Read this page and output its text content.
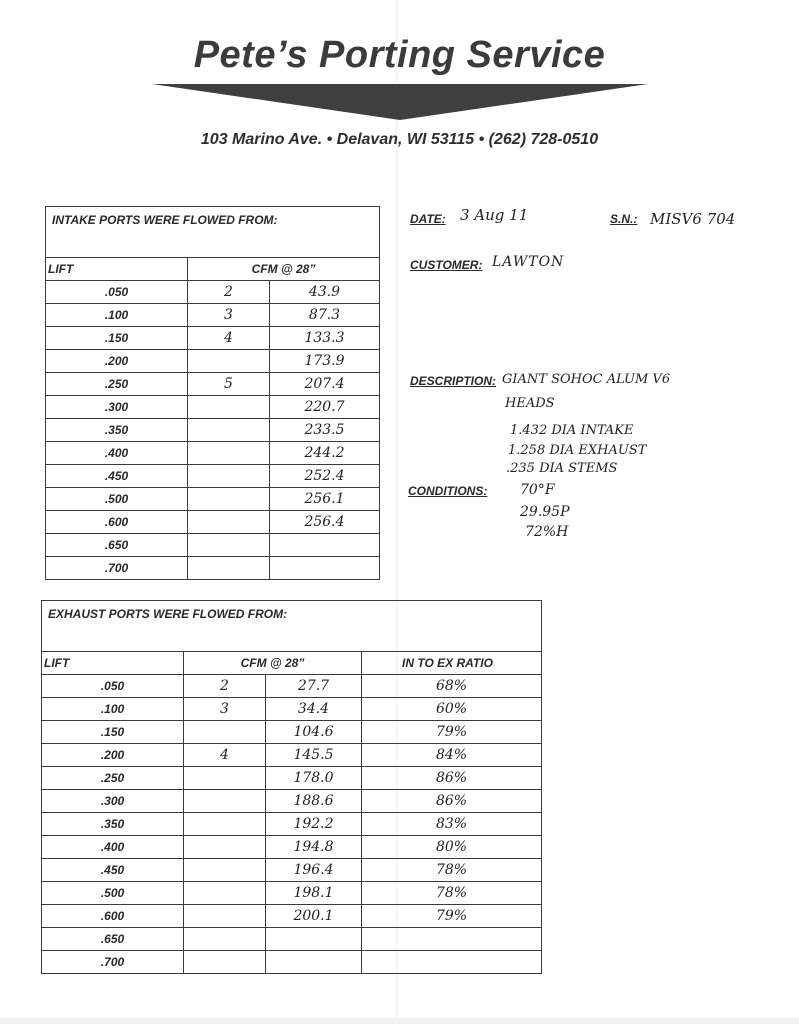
Pete’s Porting Service
103 Marino Ave. • Delavan, WI 53115 • (262) 728-0510
INTAKE PORTS WERE FLOWED FROM:		
LIFT	CFM @ 28”	
.050	2	43.9
.100	3	87.3
.150	4	133.3
.200		173.9
.250	5	207.4
.300		220.7
.350		233.5
.400		244.2
.450		252.4
.500		256.1
.600		256.4
.650		
.700		
EXHAUST PORTS WERE FLOWED FROM:			
LIFT	CFM @ 28”		IN TO EX RATIO
.050	2	27.7	68%
.100	3	34.4	60%
.150		104.6	79%
.200	4	145.5	84%
.250		178.0	86%
.300		188.6	86%
.350		192.2	83%
.400		194.8	80%
.450		196.4	78%
.500		198.1	78%
.600		200.1	79%
.650			
.700			
DATE: 3 Aug 11	S.N.: MISV6 704
CUSTOMER: LAWTON
DESCRIPTION: GIANT SOHOC ALUM V6
HEADS
1.432 DIA INTAKE
1.258 DIA EXHAUST
.235 DIA STEMS
CONDITIONS: 70°F
29.95P
72%H
